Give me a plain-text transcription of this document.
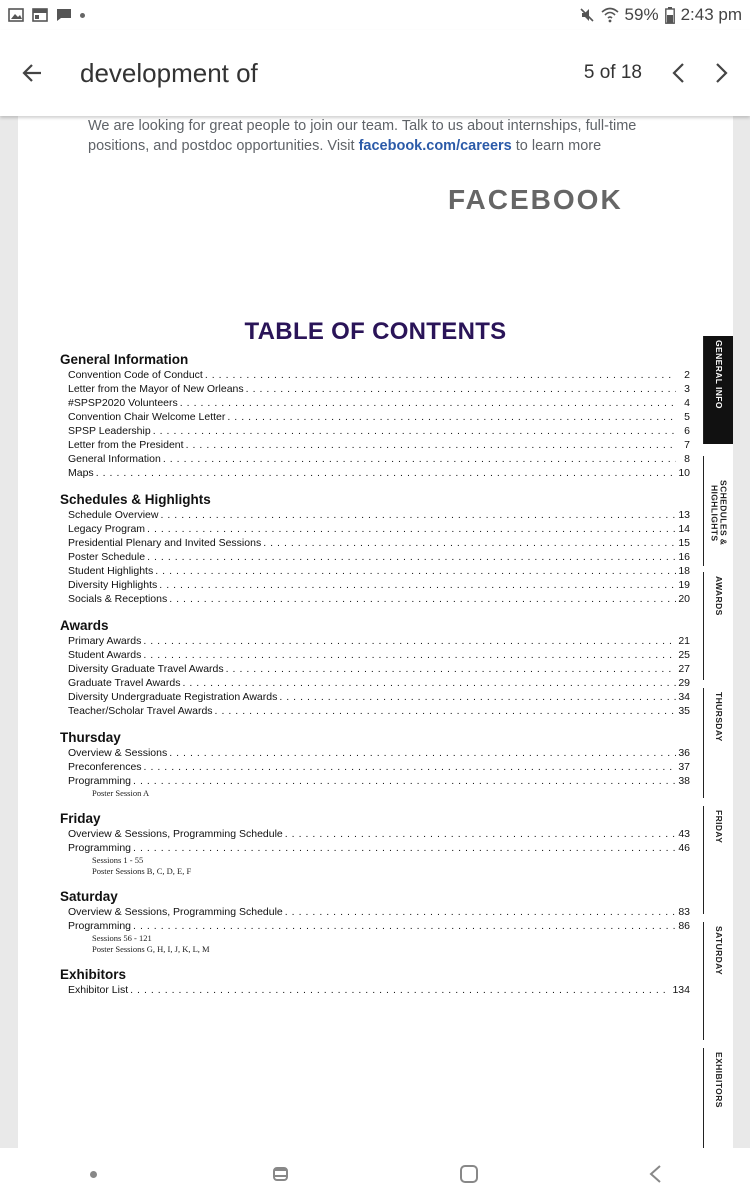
59% 2:43 pm
development of	5 of 18
We are looking for great people to join our team. Talk to us about internships, full-time positions, and postdoc opportunities. Visit facebook.com/careers to learn more
FACEBOOK
TABLE OF CONTENTS
General Information
Convention Code of Conduct .....	2
Letter from the Mayor of New Orleans .....	3
#SPSP2020 Volunteers .....	4
Convention Chair Welcome Letter .....	5
SPSP Leadership .....	6
Letter from the President .....	7
General Information .....	8
Maps .....	10
Schedules & Highlights
Schedule Overview .....	13
Legacy Program .....	14
Presidential Plenary and Invited Sessions .....	15
Poster Schedule .....	16
Student Highlights .....	18
Diversity Highlights .....	19
Socials & Receptions .....	20
Awards
Primary Awards .....	21
Student Awards .....	25
Diversity Graduate Travel Awards .....	27
Graduate Travel Awards .....	29
Diversity Undergraduate Registration Awards .....	34
Teacher/Scholar Travel Awards .....	35
Thursday
Overview & Sessions .....	36
Preconferences .....	37
Programming .....	38
Poster Session A
Friday
Overview & Sessions, Programming Schedule .....	43
Programming .....	46
Sessions 1 - 55
Poster Sessions B, C, D, E, F
Saturday
Overview & Sessions, Programming Schedule .....	83
Programming .....	86
Sessions 56 - 121
Poster Sessions G, H, I, J, K, L, M
Exhibitors
Exhibitor List .....	134
GENERAL INFO
SCHEDULES & HIGHLIGHTS
AWARDS
THURSDAY
FRIDAY
SATURDAY
EXHIBITORS
